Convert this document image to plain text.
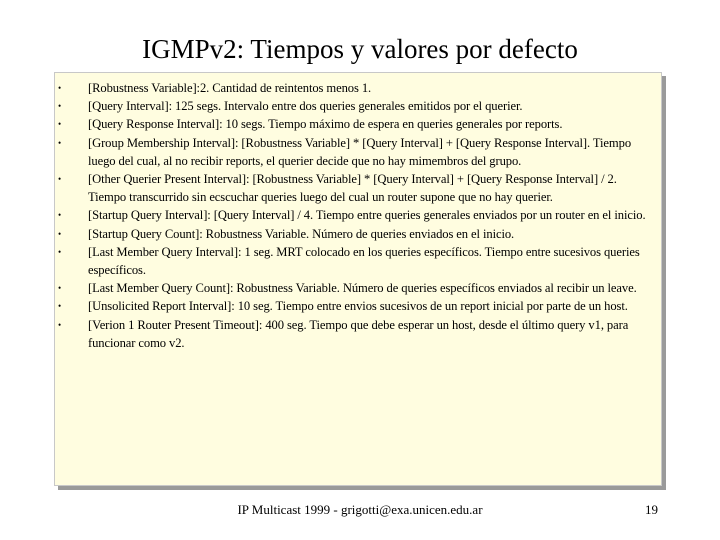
IGMPv2: Tiempos y valores por defecto
• [Robustness Variable]:2. Cantidad de reintentos menos 1.
• [Query Interval]: 125 segs. Intervalo entre dos queries generales emitidos por el querier.
• [Query Response Interval]: 10 segs. Tiempo máximo de espera en queries generales por reports.
• [Group Membership Interval]: [Robustness Variable] * [Query Interval] + [Query Response Interval]. Tiempo luego del cual, al no recibir reports, el querier decide que no hay mimembros del grupo.
• [Other Querier Present Interval]: [Robustness Variable] * [Query Interval] + [Query Response Interval] / 2. Tiempo transcurrido sin ecscuchar queries luego del cual un router supone que no hay querier.
• [Startup Query Interval]: [Query Interval] / 4. Tiempo entre queries generales enviados por un router en el inicio.
• [Startup Query Count]: Robustness Variable. Número de queries enviados en el inicio.
• [Last Member Query Interval]: 1 seg. MRT colocado en los queries específicos. Tiempo entre sucesivos queries específicos.
• [Last Member Query Count]: Robustness Variable. Número de queries específicos enviados al recibir un leave.
• [Unsolicited Report Interval]: 10 seg. Tiempo entre envios sucesivos de un report inicial por parte de un host.
• [Verion 1 Router Present Timeout]: 400 seg. Tiempo que debe esperar un host, desde el último query v1, para funcionar como v2.
IP Multicast 1999 - grigotti@exa.unicen.edu.ar	19
